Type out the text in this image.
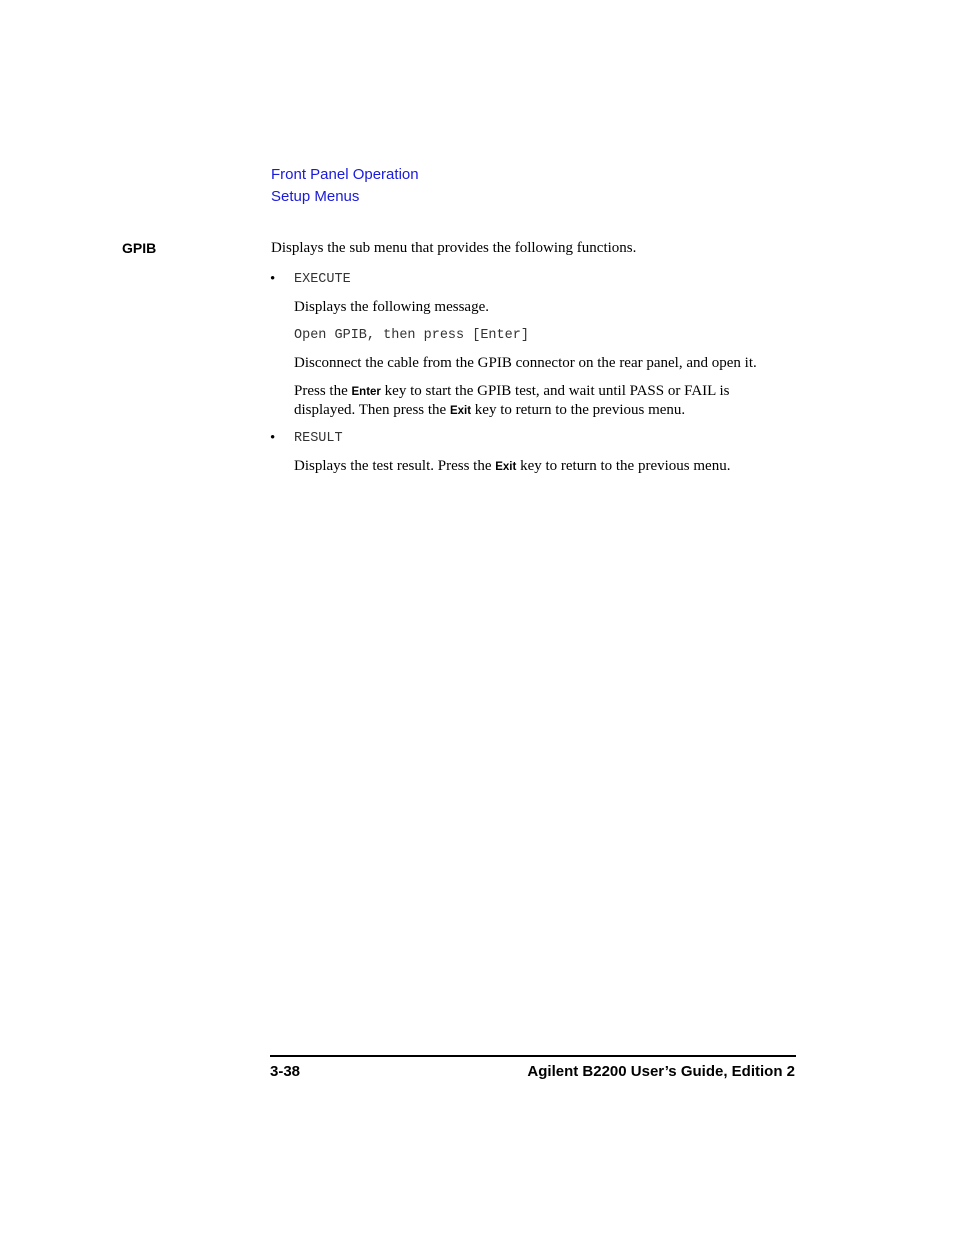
Front Panel Operation
Setup Menus
GPIB	Displays the sub menu that provides the following functions.
• EXECUTE
Displays the following message.
Open GPIB, then press [Enter]
Disconnect the cable from the GPIB connector on the rear panel, and open it.
Press the Enter key to start the GPIB test, and wait until PASS or FAIL is
displayed. Then press the Exit key to return to the previous menu.
• RESULT
Displays the test result. Press the Exit key to return to the previous menu.
3-38	Agilent B2200 User’s Guide, Edition 2
